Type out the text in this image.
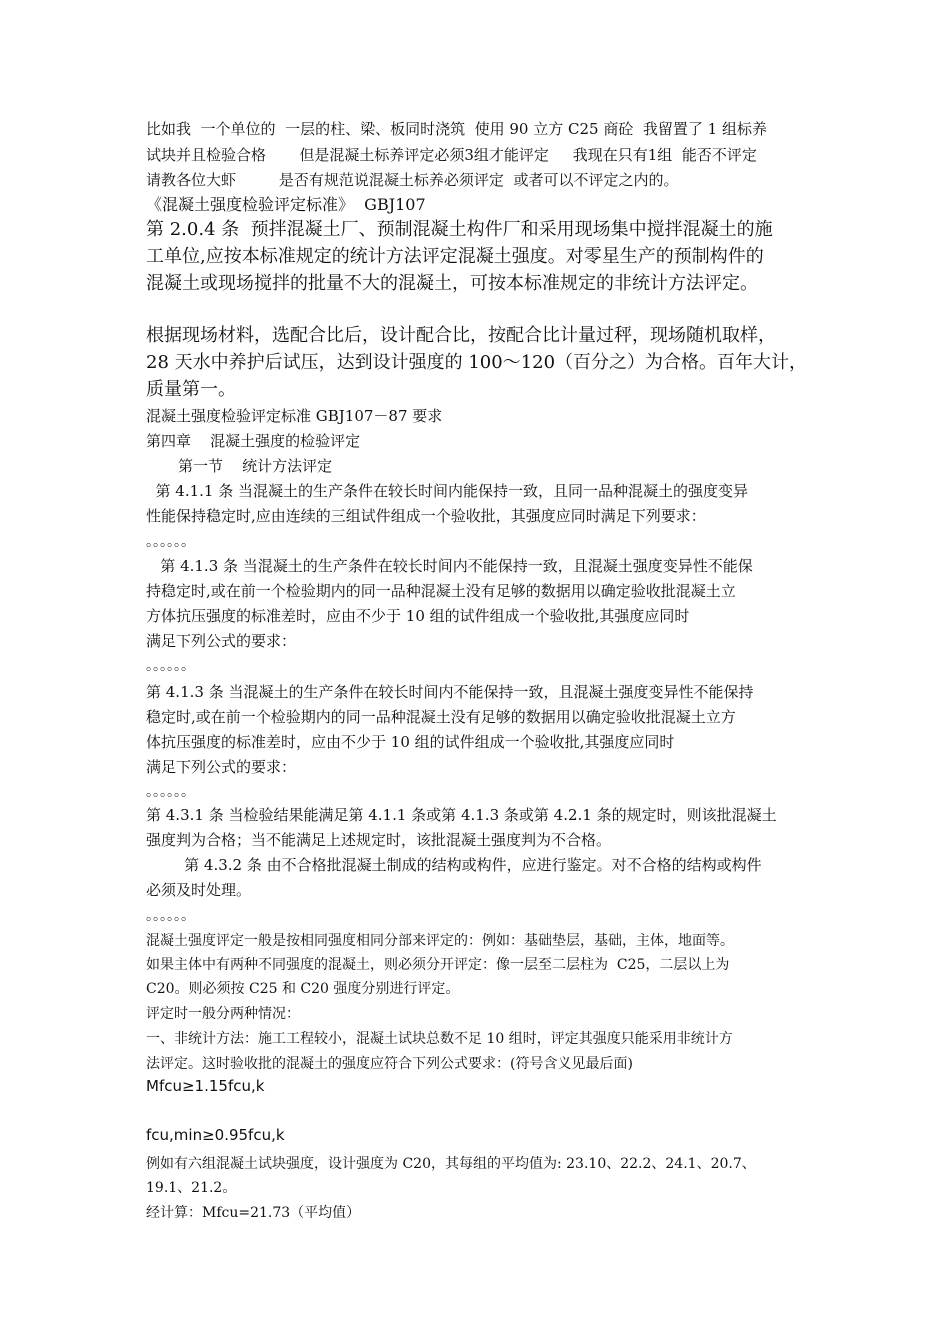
比如我  一个单位的  一层的柱、梁、板同时浇筑  使用 90 立方 C25 商砼  我留置了 1 组标养
试块并且检验合格       但是混凝土标养评定必须3组才能评定     我现在只有1组  能否不评定
请教各位大虾         是否有规范说混凝土标养必须评定  或者可以不评定之内的。
《混凝土强度检验评定标准》  GBJ107
第 2.0.4 条  预拌混凝土厂、预制混凝土构件厂和采用现场集中搅拌混凝土的施
工单位,应按本标准规定的统计方法评定混凝土强度。对零星生产的预制构件的
混凝土或现场搅拌的批量不大的混凝土，可按本标准规定的非统计方法评定。
根据现场材料，选配合比后，设计配合比，按配合比计量过秤，现场随机取样，
28 天水中养护后试压，达到设计强度的 100～120（百分之）为合格。百年大计，
质量第一。
混凝土强度检验评定标准 GBJ107－87 要求
第四章    混凝土强度的检验评定
第一节    统计方法评定
第 4.1.1 条 当混凝土的生产条件在较长时间内能保持一致，且同一品种混凝土的强度变异
性能保持稳定时,应由连续的三组试件组成一个验收批，其强度应同时满足下列要求：
。。。。。。
第 4.1.3 条 当混凝土的生产条件在较长时间内不能保持一致，且混凝土强度变异性不能保
持稳定时,或在前一个检验期内的同一品种混凝土没有足够的数据用以确定验收批混凝土立
方体抗压强度的标准差时，应由不少于 10 组的试件组成一个验收批,其强度应同时
满足下列公式的要求：
。。。。。。
第 4.1.3 条 当混凝土的生产条件在较长时间内不能保持一致，且混凝土强度变异性不能保持
稳定时,或在前一个检验期内的同一品种混凝土没有足够的数据用以确定验收批混凝土立方
体抗压强度的标准差时，应由不少于 10 组的试件组成一个验收批,其强度应同时
满足下列公式的要求：
。。。。。。
第 4.3.1 条 当检验结果能满足第 4.1.1 条或第 4.1.3 条或第 4.2.1 条的规定时，则该批混凝土
强度判为合格；当不能满足上述规定时，该批混凝土强度判为不合格。
第 4.3.2 条 由不合格批混凝土制成的结构或构件，应进行鉴定。对不合格的结构或构件
必须及时处理。
。。。。。。
混凝土强度评定一般是按相同强度相同分部来评定的：例如：基础垫层，基础，主体，地面等。
如果主体中有两种不同强度的混凝土，则必须分开评定：像一层至二层柱为  C25，二层以上为
C20。则必须按 C25 和 C20 强度分别进行评定。
评定时一般分两种情况：
一、非统计方法：施工工程较小，混凝土试块总数不足 10 组时，评定其强度只能采用非统计方
法评定。这时验收批的混凝土的强度应符合下列公式要求：(符号含义见最后面)
Mfcu≥1.15fcu,k
fcu,min≥0.95fcu,k
例如有六组混凝土试块强度，设计强度为 C20，其每组的平均值为: 23.10、22.2、24.1、20.7、
19.1、21.2。
经计算：Mfcu=21.73（平均值）
